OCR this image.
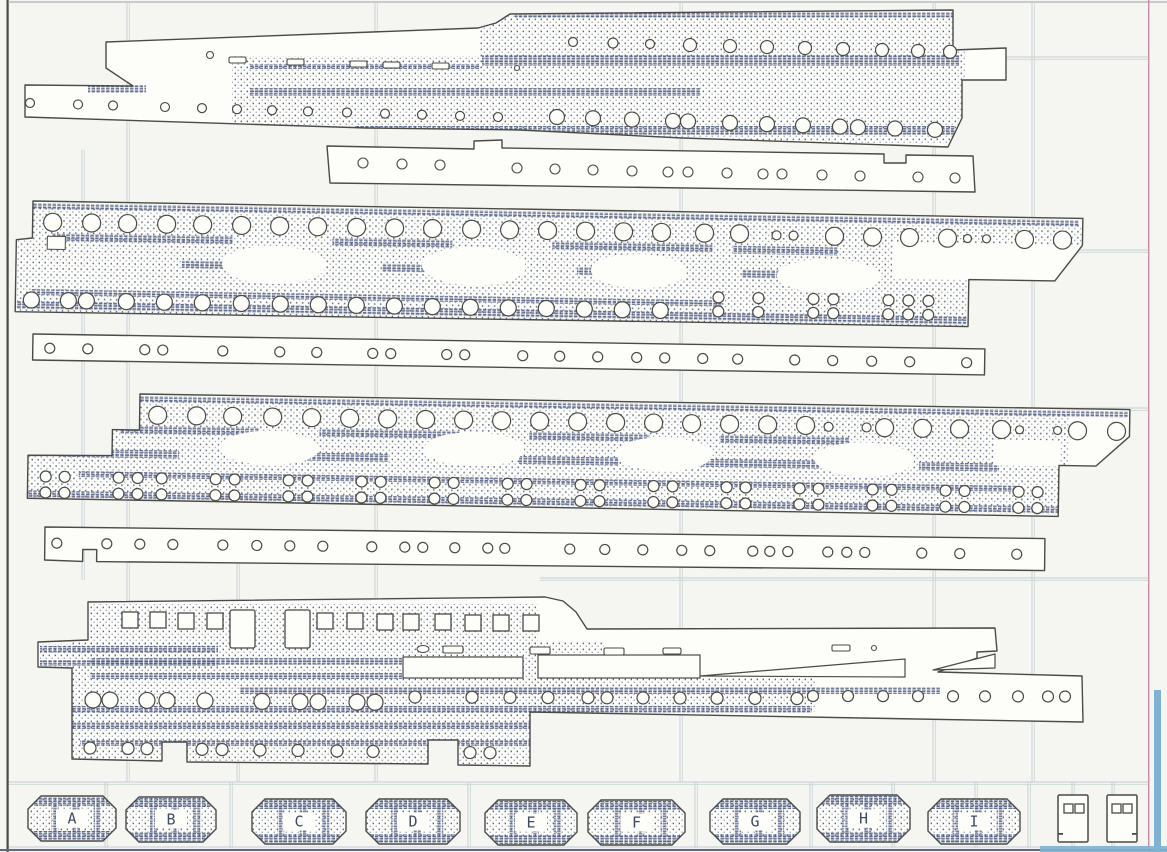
A	B	C	D	E	F	G	H	I
